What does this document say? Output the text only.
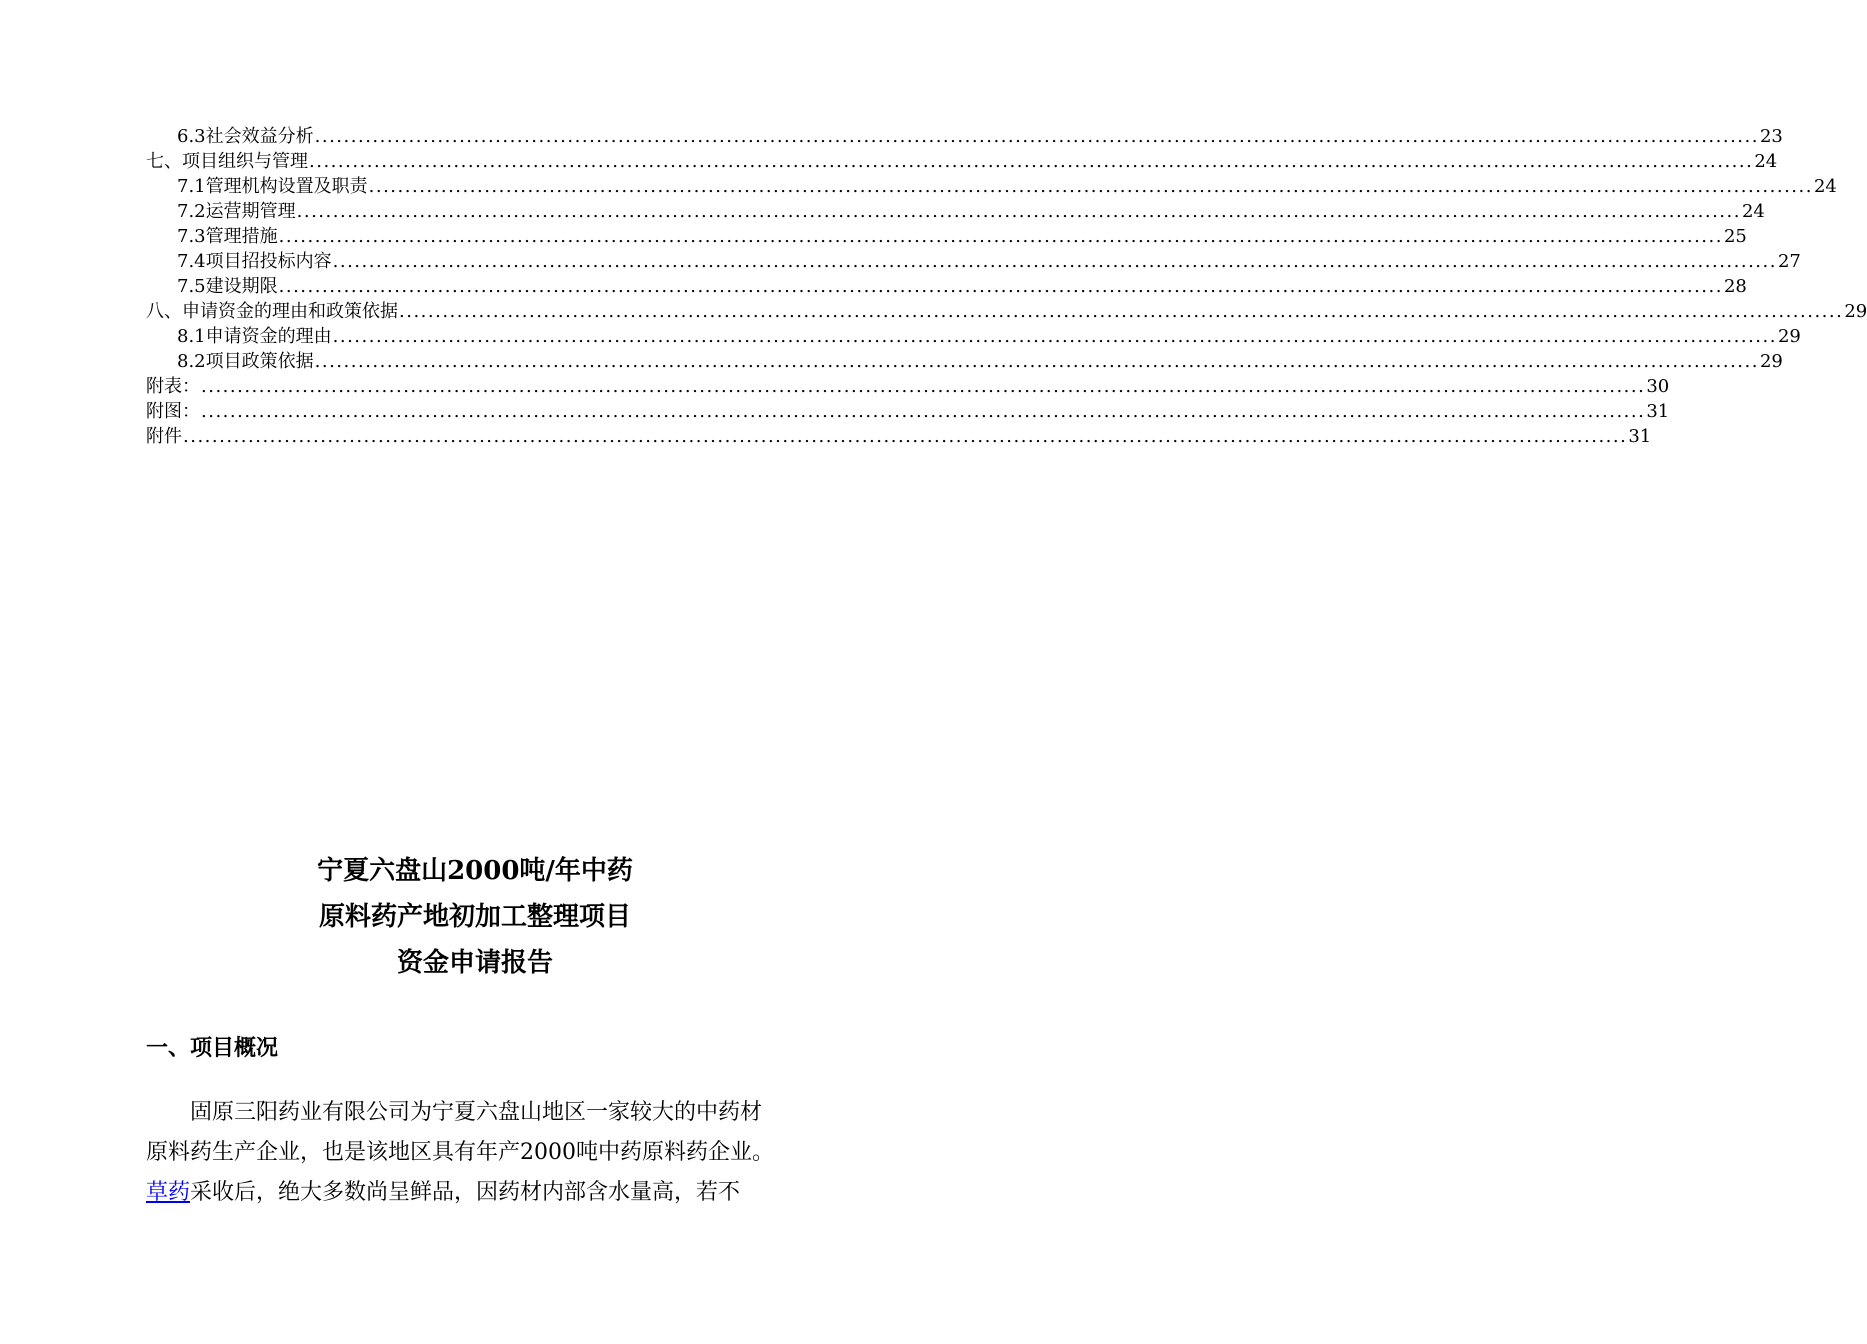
6.3社会效益分析 ........................................................................................................................................................................................................ 23
七、项目组织与管理 ........................................................................................................................................................................................................ 24
7.1管理机构设置及职责 ........................................................................................................................................................................................................ 24
7.2运营期管理 ........................................................................................................................................................................................................ 24
7.3管理措施 ........................................................................................................................................................................................................ 25
7.4项目招投标内容 ........................................................................................................................................................................................................ 27
7.5建设期限 ........................................................................................................................................................................................................ 28
八、申请资金的理由和政策依据 ........................................................................................................................................................................................................ 29
8.1申请资金的理由 ........................................................................................................................................................................................................ 29
8.2项目政策依据 ........................................................................................................................................................................................................ 29
附表： ........................................................................................................................................................................................................ 30
附图： ........................................................................................................................................................................................................ 31
附件 ........................................................................................................................................................................................................ 31
宁夏六盘山2000吨/年中药
原料药产地初加工整理项目
资金申请报告
一、项目概况
固原三阳药业有限公司为宁夏六盘山地区一家较大的中药材
原料药生产企业，也是该地区具有年产2000吨中药原料药企业。
草药采收后，绝大多数尚呈鲜品，因药材内部含水量高，若不
